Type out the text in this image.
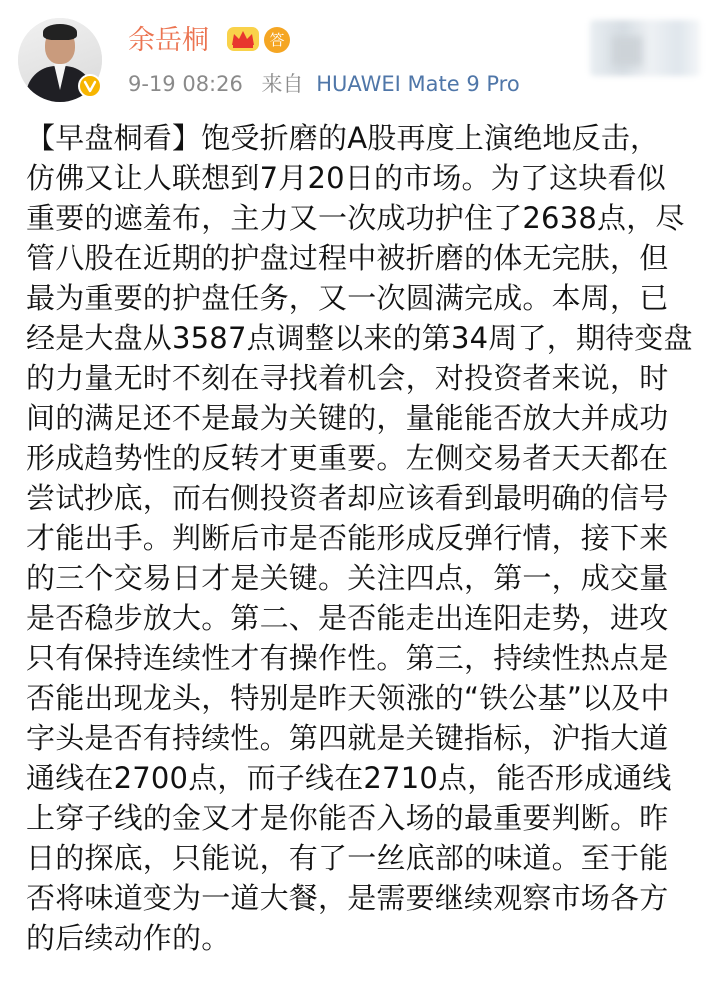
余岳桐	答
9-19 08:26 来自 HUAWEI Mate 9 Pro
【早盘桐看】饱受折磨的A股再度上演绝地反击，
仿佛又让人联想到7月20日的市场。为了这块看似
重要的遮羞布，主力又一次成功护住了2638点，尽
管八股在近期的护盘过程中被折磨的体无完肤，但
最为重要的护盘任务，又一次圆满完成。本周，已
经是大盘从3587点调整以来的第34周了，期待变盘
的力量无时不刻在寻找着机会，对投资者来说，时
间的满足还不是最为关键的，量能能否放大并成功
形成趋势性的反转才更重要。左侧交易者天天都在
尝试抄底，而右侧投资者却应该看到最明确的信号
才能出手。判断后市是否能形成反弹行情，接下来
的三个交易日才是关键。关注四点，第一，成交量
是否稳步放大。第二、是否能走出连阳走势，进攻
只有保持连续性才有操作性。第三，持续性热点是
否能出现龙头，特别是昨天领涨的“铁公基”以及中
字头是否有持续性。第四就是关键指标，沪指大道
通线在2700点，而子线在2710点，能否形成通线
上穿子线的金叉才是你能否入场的最重要判断。昨
日的探底，只能说，有了一丝底部的味道。至于能
否将味道变为一道大餐，是需要继续观察市场各方
的后续动作的。
